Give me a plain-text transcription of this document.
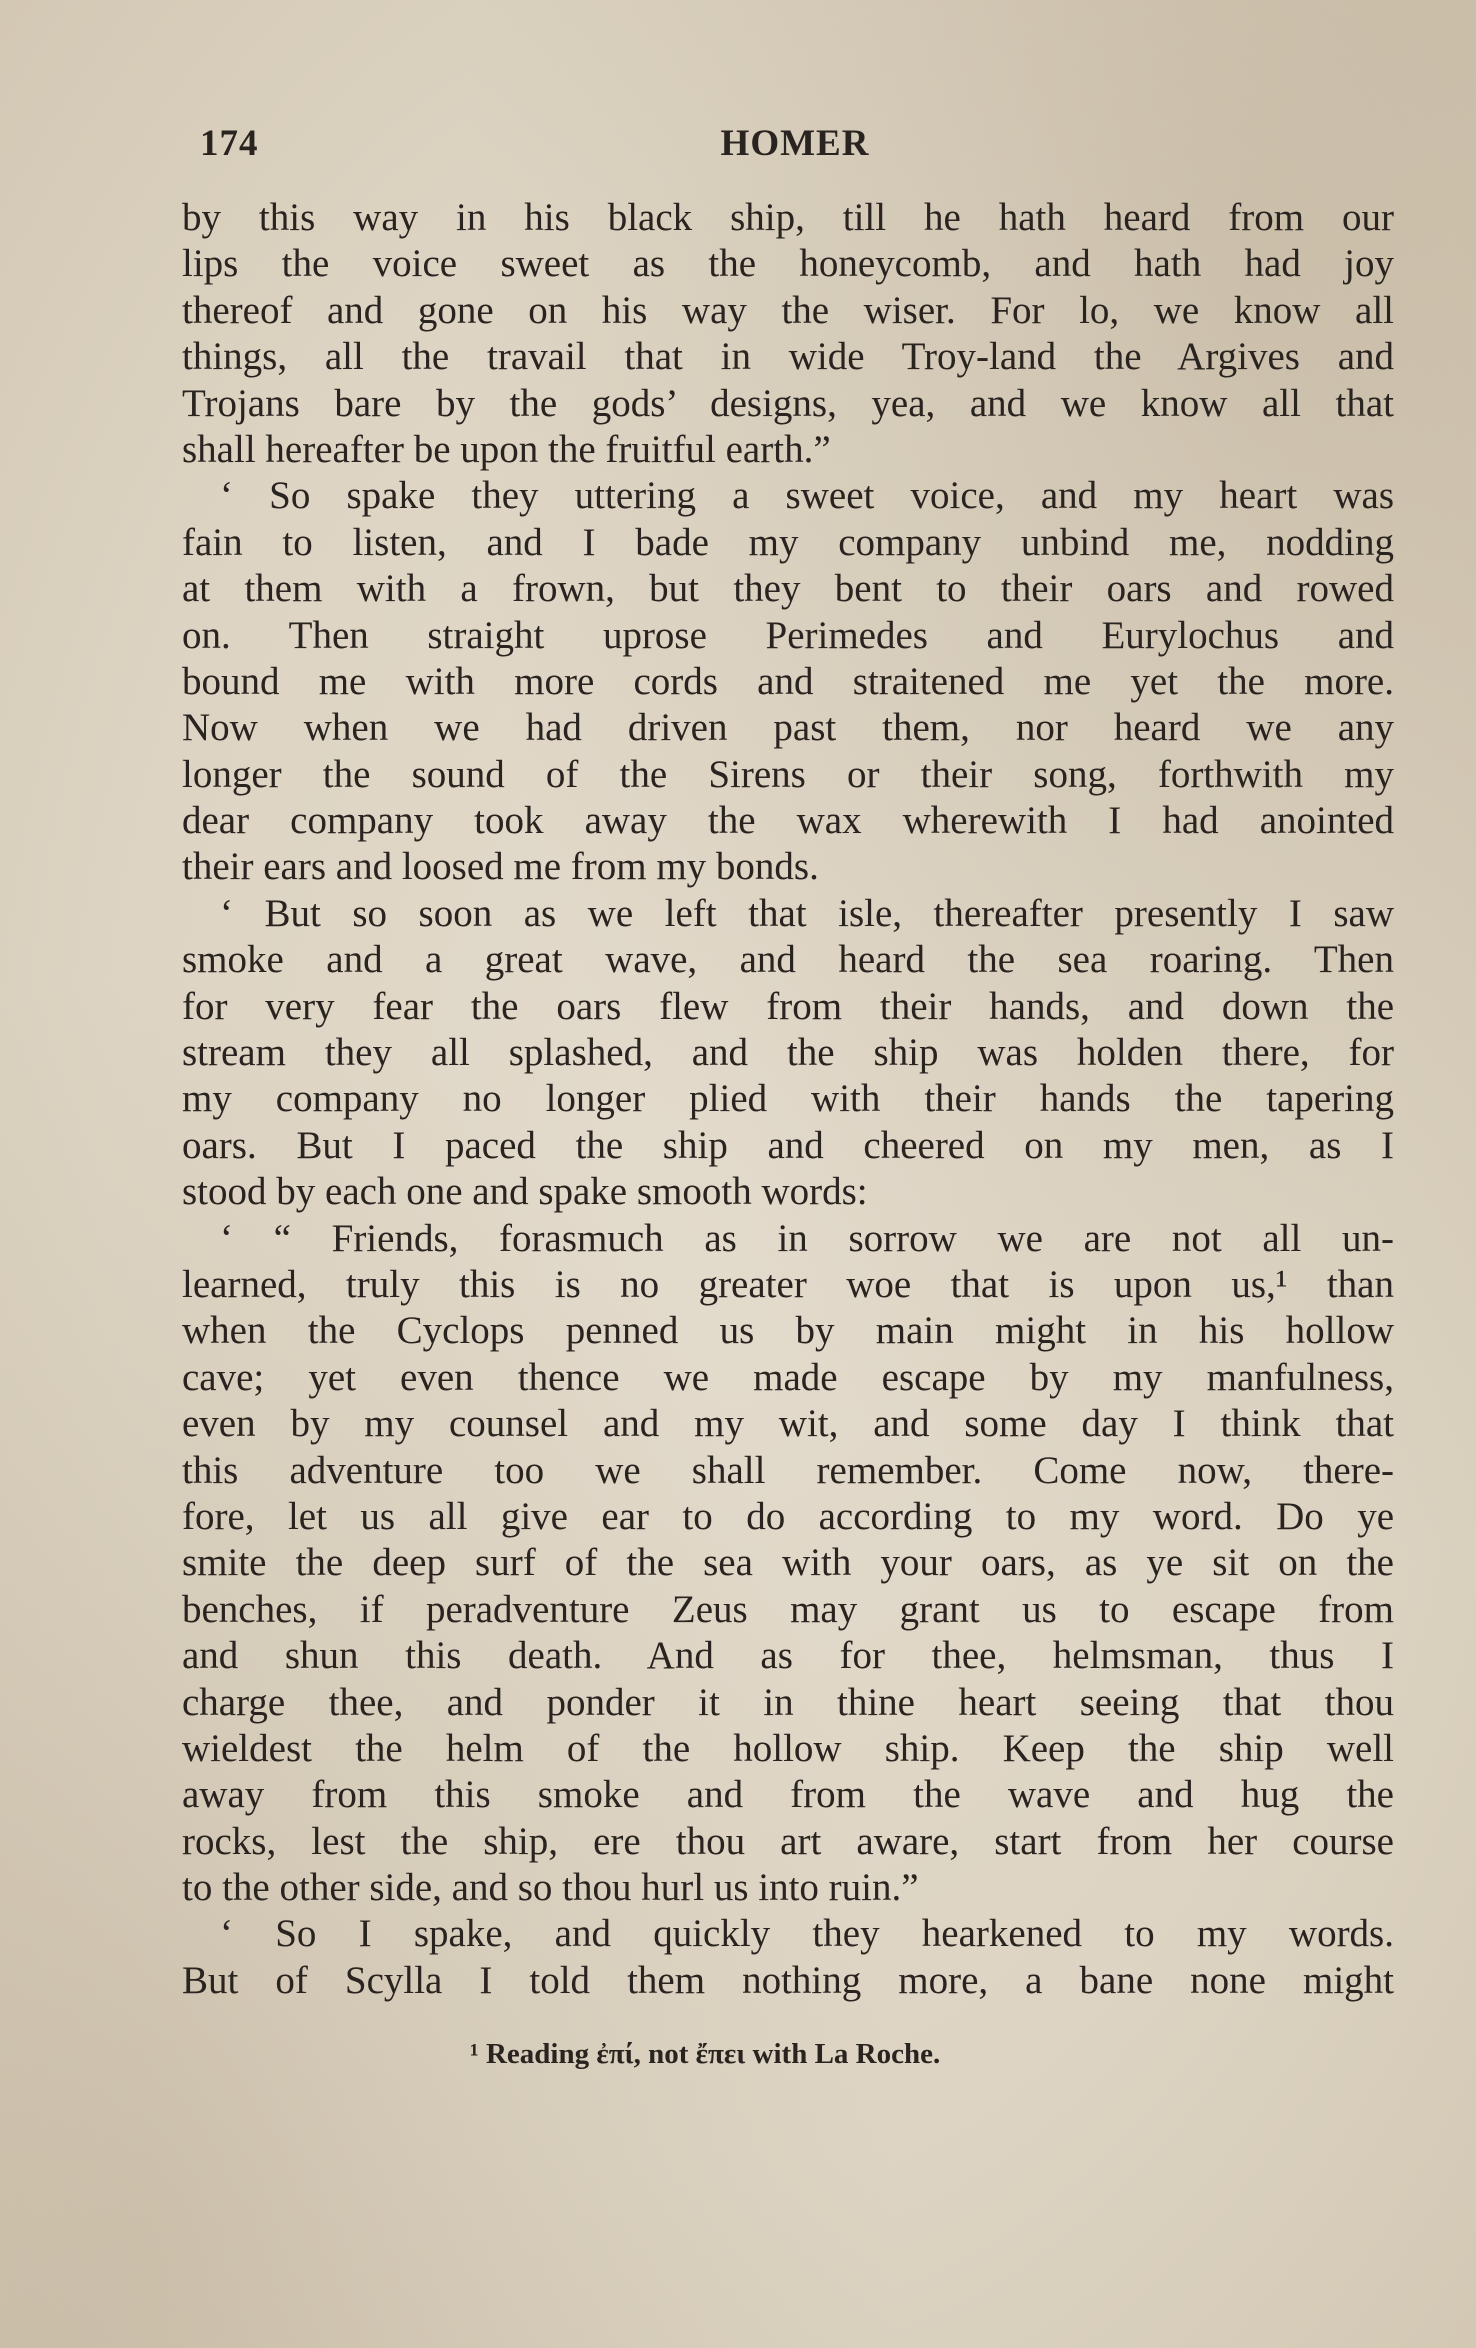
174	HOMER
by this way in his black ship, till he hath heard from our
lips the voice sweet as the honeycomb, and hath had joy
thereof and gone on his way the wiser. For lo, we know all
things, all the travail that in wide Troy-land the Argives and
Trojans bare by the gods’ designs, yea, and we know all that
shall hereafter be upon the fruitful earth.”
‘ So spake they uttering a sweet voice, and my heart was
fain to listen, and I bade my company unbind me, nodding
at them with a frown, but they bent to their oars and rowed
on. Then straight uprose Perimedes and Eurylochus and
bound me with more cords and straitened me yet the more.
Now when we had driven past them, nor heard we any
longer the sound of the Sirens or their song, forthwith my
dear company took away the wax wherewith I had anointed
their ears and loosed me from my bonds.
‘ But so soon as we left that isle, thereafter presently I saw
smoke and a great wave, and heard the sea roaring. Then
for very fear the oars flew from their hands, and down the
stream they all splashed, and the ship was holden there, for
my company no longer plied with their hands the tapering
oars. But I paced the ship and cheered on my men, as I
stood by each one and spake smooth words:
‘ “ Friends, forasmuch as in sorrow we are not all un-
learned, truly this is no greater woe that is upon us,¹ than
when the Cyclops penned us by main might in his hollow
cave; yet even thence we made escape by my manfulness,
even by my counsel and my wit, and some day I think that
this adventure too we shall remember. Come now, there-
fore, let us all give ear to do according to my word. Do ye
smite the deep surf of the sea with your oars, as ye sit on the
benches, if peradventure Zeus may grant us to escape from
and shun this death. And as for thee, helmsman, thus I
charge thee, and ponder it in thine heart seeing that thou
wieldest the helm of the hollow ship. Keep the ship well
away from this smoke and from the wave and hug the
rocks, lest the ship, ere thou art aware, start from her course
to the other side, and so thou hurl us into ruin.”
‘ So I spake, and quickly they hearkened to my words.
But of Scylla I told them nothing more, a bane none might
¹ Reading ἐπί, not ἔπει with La Roche.
